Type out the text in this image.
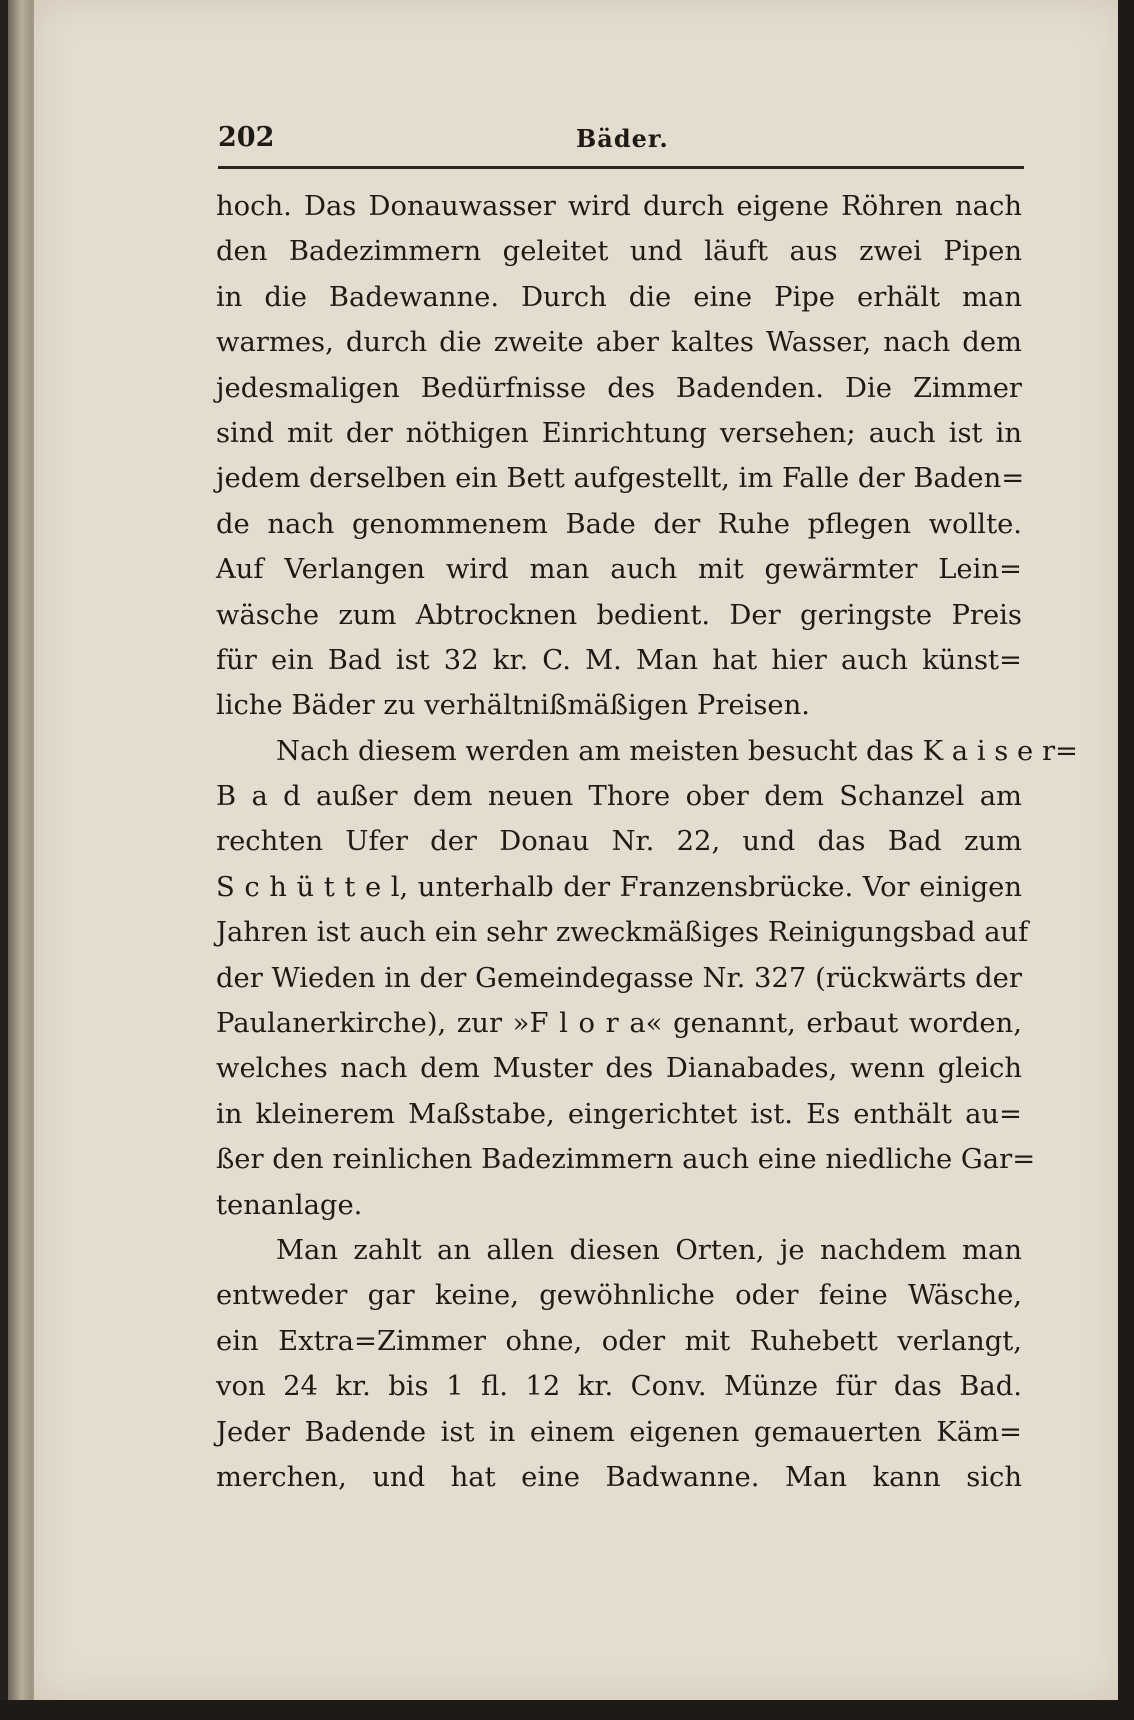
202	Bäder.
hoch. Das Donauwasser wird durch eigene Röhren nach
den Badezimmern geleitet und läuft aus zwei Pipen
in die Badewanne. Durch die eine Pipe erhält man
warmes, durch die zweite aber kaltes Wasser, nach dem
jedesmaligen Bedürfnisse des Badenden. Die Zimmer
sind mit der nöthigen Einrichtung versehen; auch ist in
jedem derselben ein Bett aufgestellt, im Falle der Baden=
de nach genommenem Bade der Ruhe pflegen wollte.
Auf Verlangen wird man auch mit gewärmter Lein=
wäsche zum Abtrocknen bedient. Der geringste Preis
für ein Bad ist 32 kr. C. M. Man hat hier auch künst=
liche Bäder zu verhältnißmäßigen Preisen.
Nach diesem werden am meisten besucht das K a i s e r=
B a d außer dem neuen Thore ober dem Schanzel am
rechten Ufer der Donau Nr. 22, und das Bad zum
S c h ü t t e l, unterhalb der Franzensbrücke. Vor einigen
Jahren ist auch ein sehr zweckmäßiges Reinigungsbad auf
der Wieden in der Gemeindegasse Nr. 327 (rückwärts der
Paulanerkirche), zur »F l o r a« genannt, erbaut worden,
welches nach dem Muster des Dianabades, wenn gleich
in kleinerem Maßstabe, eingerichtet ist. Es enthält au=
ßer den reinlichen Badezimmern auch eine niedliche Gar=
tenanlage.
Man zahlt an allen diesen Orten, je nachdem man
entweder gar keine, gewöhnliche oder feine Wäsche,
ein Extra=Zimmer ohne, oder mit Ruhebett verlangt,
von 24 kr. bis 1 fl. 12 kr. Conv. Münze für das Bad.
Jeder Badende ist in einem eigenen gemauerten Käm=
merchen, und hat eine Badwanne. Man kann sich
